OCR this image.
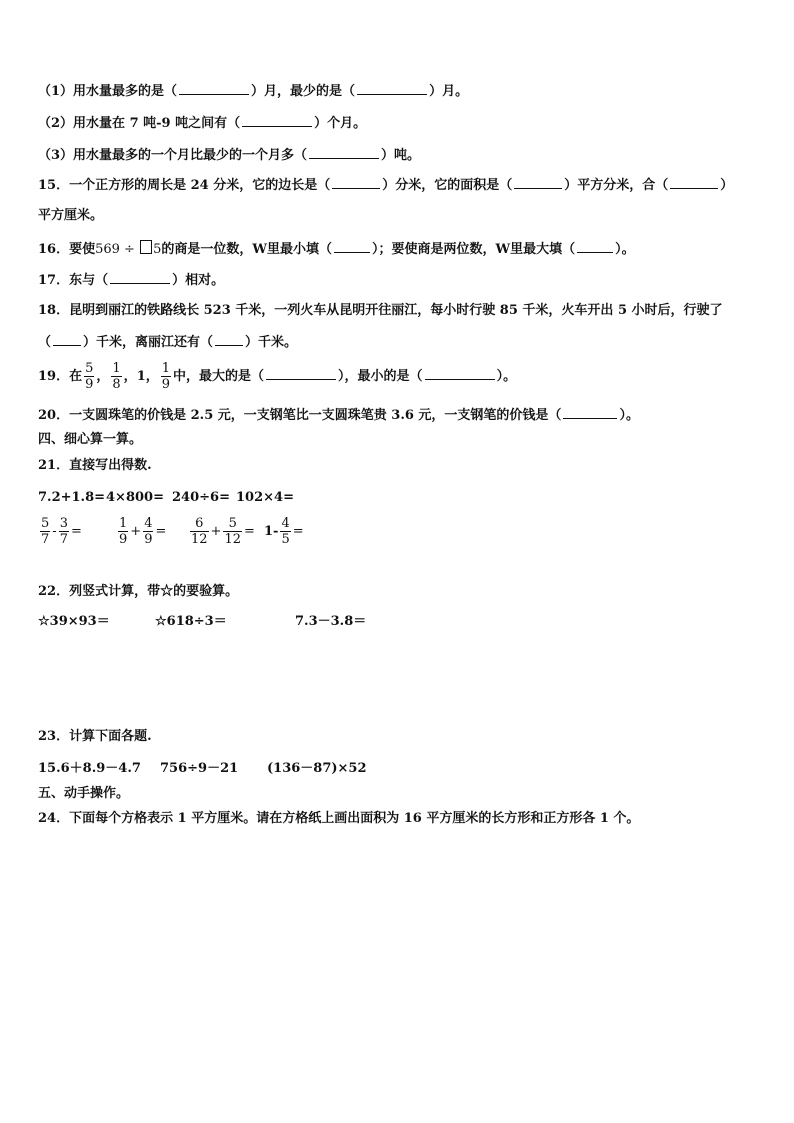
（1）用水量最多的是（	）月，最少的是（	）月。
（2）用水量在 7 吨-9 吨之间有（	）个月。
（3）用水量最多的一个月比最少的一个月多（	）吨。
15．一个正方形的周长是 24 分米，它的边长是（	）分米，它的面积是（	）平方分米，合（	）
平方厘米。
16．要使569 ÷ 5的商是一位数，W里最小填（	）；要使商是两位数，W里最大填（	）。
17．东与（	）相对。
18．昆明到丽江的铁路线长 523 千米，一列火车从昆明开往丽江，每小时行驶 85 千米，火车开出 5 小时后，行驶了
（ ）千米，离丽江还有（ ）千米。
19．在 $\frac{5}{9}$ ， $\frac{1}{8}$ ，1， $\frac{1}{9}$ 中，最大的是（	），最小的是（	）。
20．一支圆珠笔的价钱是 2.5 元，一支钢笔比一支圆珠笔贵 3.6 元，一支钢笔的价钱是（	）。
四、细心算一算。
21．直接写出得数.
7.2+1.8=4×800= 240÷6= 102×4=
$\frac{5}{7} - \frac{3}{7}$ =	$\frac{1}{9} + \frac{4}{9} = \frac{6}{12} + \frac{5}{12} = 1- \frac{4}{5}$ =
22．列竖式计算，带☆的要验算。
☆39×93＝	☆618÷3＝	7.3－3.8＝
23．计算下面各题.
15.6＋8.9－4.7 756÷9－21 (136－87)×52
五、动手操作。
24．下面每个方格表示 1 平方厘米。请在方格纸上画出面积为 16 平方厘米的长方形和正方形各 1 个。
